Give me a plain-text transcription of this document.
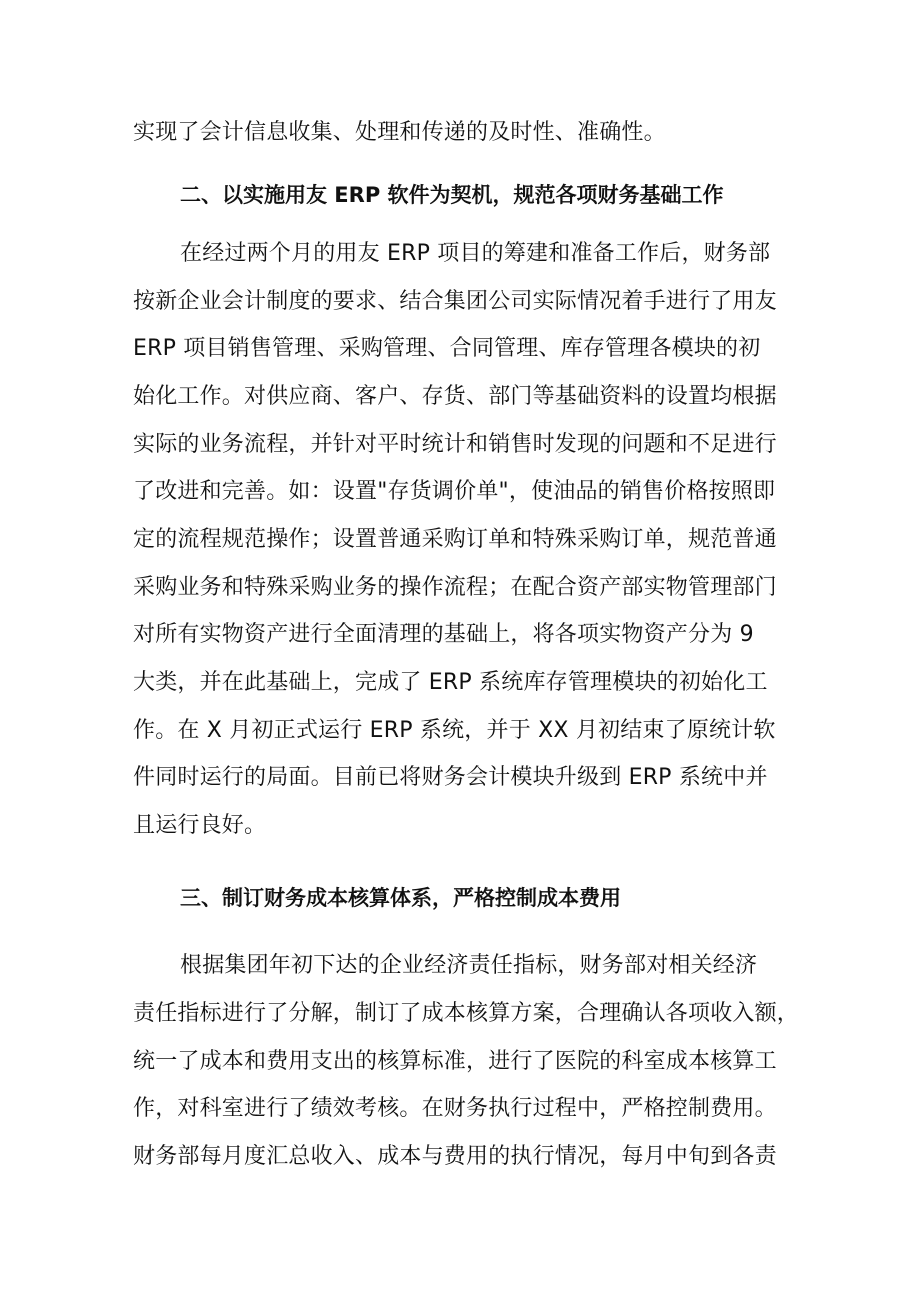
实现了会计信息收集、处理和传递的及时性、准确性。
二、以实施用友 ERP 软件为契机，规范各项财务基础工作
在经过两个月的用友 ERP 项目的筹建和准备工作后，财务部
按新企业会计制度的要求、结合集团公司实际情况着手进行了用友
ERP 项目销售管理、采购管理、合同管理、库存管理各模块的初
始化工作。对供应商、客户、存货、部门等基础资料的设置均根据
实际的业务流程，并针对平时统计和销售时发现的问题和不足进行
了改进和完善。如：设置"存货调价单"，使油品的销售价格按照即
定的流程规范操作；设置普通采购订单和特殊采购订单，规范普通
采购业务和特殊采购业务的操作流程；在配合资产部实物管理部门
对所有实物资产进行全面清理的基础上，将各项实物资产分为 9
大类，并在此基础上，完成了 ERP 系统库存管理模块的初始化工
作。在 X 月初正式运行 ERP 系统，并于 XX 月初结束了原统计软
件同时运行的局面。目前已将财务会计模块升级到 ERP 系统中并
且运行良好。
三、制订财务成本核算体系，严格控制成本费用
根据集团年初下达的企业经济责任指标，财务部对相关经济
责任指标进行了分解，制订了成本核算方案，合理确认各项收入额，
统一了成本和费用支出的核算标准，进行了医院的科室成本核算工
作，对科室进行了绩效考核。在财务执行过程中，严格控制费用。
财务部每月度汇总收入、成本与费用的执行情况，每月中旬到各责
